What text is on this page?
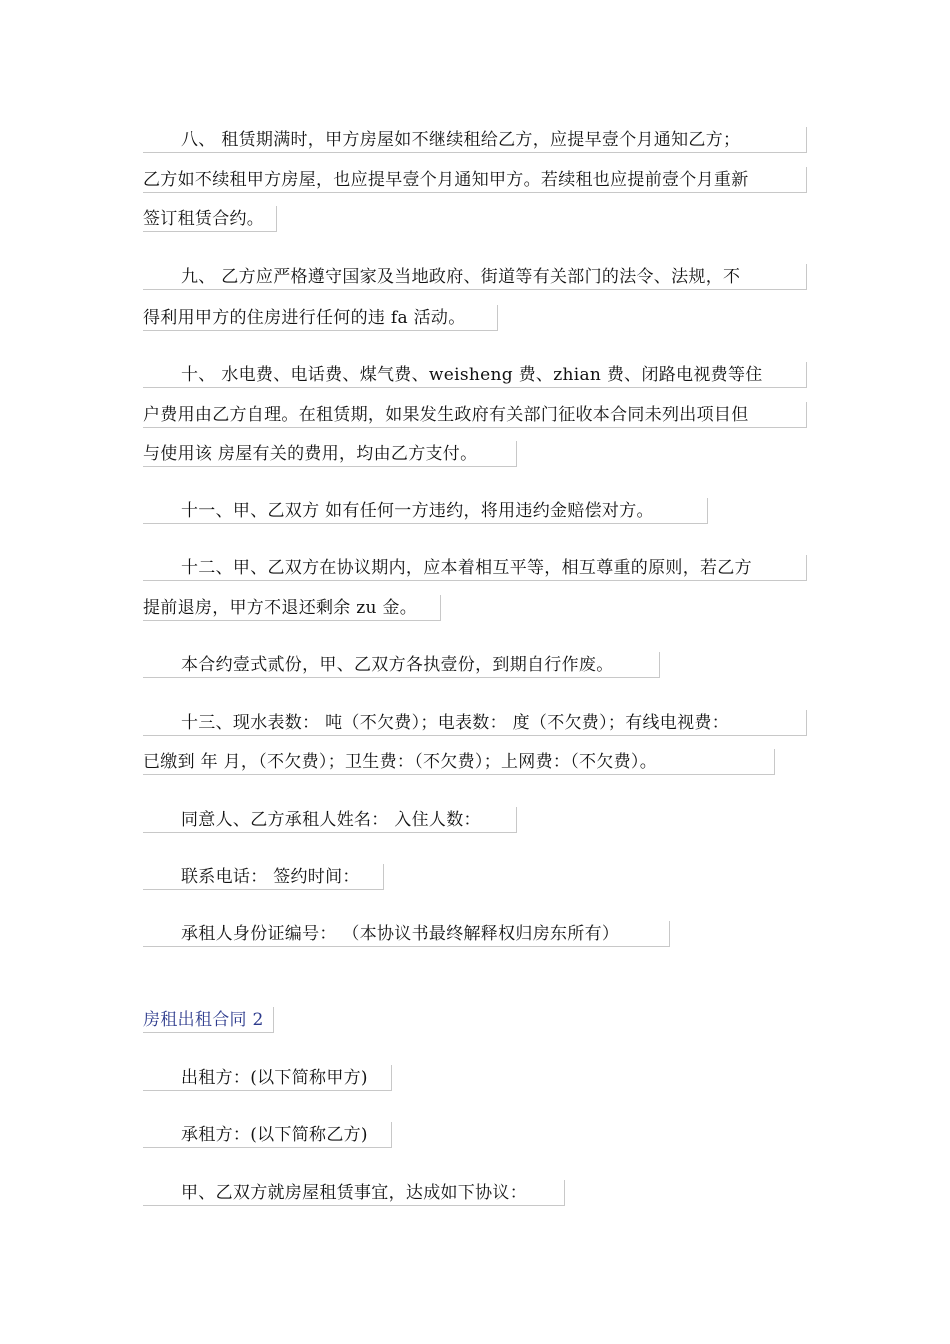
八、 租赁期满时，甲方房屋如不继续租给乙方，应提早壹个月通知乙方；
乙方如不续租甲方房屋，也应提早壹个月通知甲方。若续租也应提前壹个月重新
签订租赁合约。
九、 乙方应严格遵守国家及当地政府、街道等有关部门的法令、法规，不
得利用甲方的住房进行任何的违 fa 活动。
十、 水电费、电话费、煤气费、weisheng 费、zhian 费、闭路电视费等住
户费用由乙方自理。在租赁期，如果发生政府有关部门征收本合同未列出项目但
与使用该 房屋有关的费用，均由乙方支付。
十一、甲、乙双方 如有任何一方违约，将用违约金赔偿对方。
十二、甲、乙双方在协议期内，应本着相互平等，相互尊重的原则，若乙方
提前退房，甲方不退还剩余 zu 金。
本合约壹式贰份，甲、乙双方各执壹份，到期自行作废。
十三、现水表数： 吨（不欠费）；电表数： 度（不欠费）；有线电视费：
已缴到 年 月，（不欠费）；卫生费：（不欠费）；上网费：（不欠费）。
同意人、乙方承租人姓名： 入住人数：
联系电话： 签约时间：
承租人身份证编号： （本协议书最终解释权归房东所有）
房租出租合同 2
出租方：(以下简称甲方)
承租方：(以下简称乙方)
甲、乙双方就房屋租赁事宜，达成如下协议：
